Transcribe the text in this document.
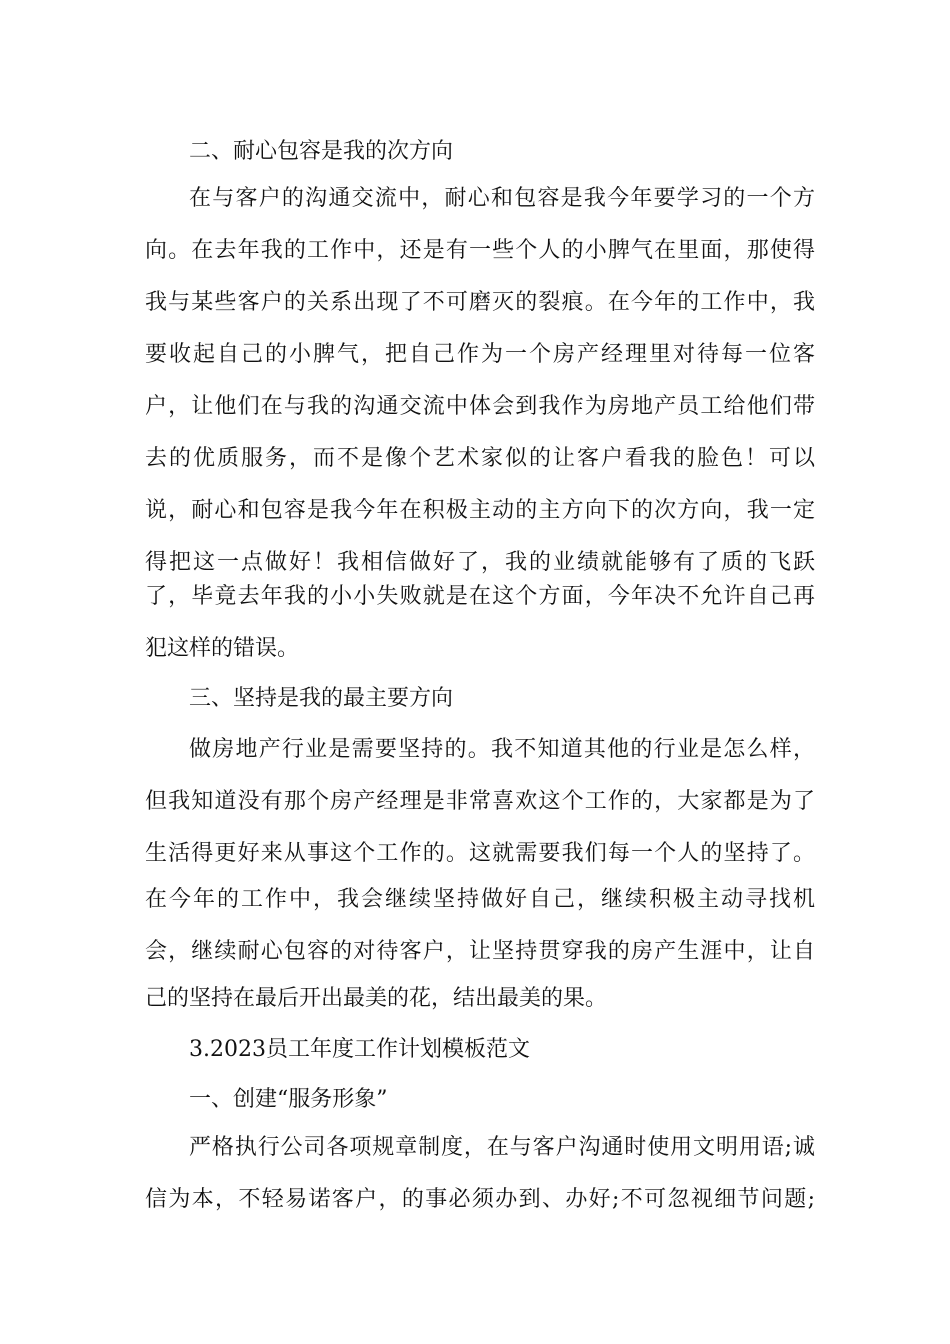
二、耐心包容是我的次方向
在与客户的沟通交流中，耐心和包容是我今年要学习的一个方
向。在去年我的工作中，还是有一些个人的小脾气在里面，那使得
我与某些客户的关系出现了不可磨灭的裂痕。在今年的工作中，我
要收起自己的小脾气，把自己作为一个房产经理里对待每一位客
户，让他们在与我的沟通交流中体会到我作为房地产员工给他们带
去的优质服务，而不是像个艺术家似的让客户看我的脸色！可以
说，耐心和包容是我今年在积极主动的主方向下的次方向，我一定
得把这一点做好！我相信做好了，我的业绩就能够有了质的飞跃
了，毕竟去年我的小小失败就是在这个方面，今年决不允许自己再
犯这样的错误。
三、坚持是我的最主要方向
做房地产行业是需要坚持的。我不知道其他的行业是怎么样，
但我知道没有那个房产经理是非常喜欢这个工作的，大家都是为了
生活得更好来从事这个工作的。这就需要我们每一个人的坚持了。
在今年的工作中，我会继续坚持做好自己，继续积极主动寻找机
会，继续耐心包容的对待客户，让坚持贯穿我的房产生涯中，让自
己的坚持在最后开出最美的花，结出最美的果。
3.2023员工年度工作计划模板范文
一、创建“服务形象”
严格执行公司各项规章制度，在与客户沟通时使用文明用语;诚
信为本，不轻易诺客户，的事必须办到、办好;不可忽视细节问题;
